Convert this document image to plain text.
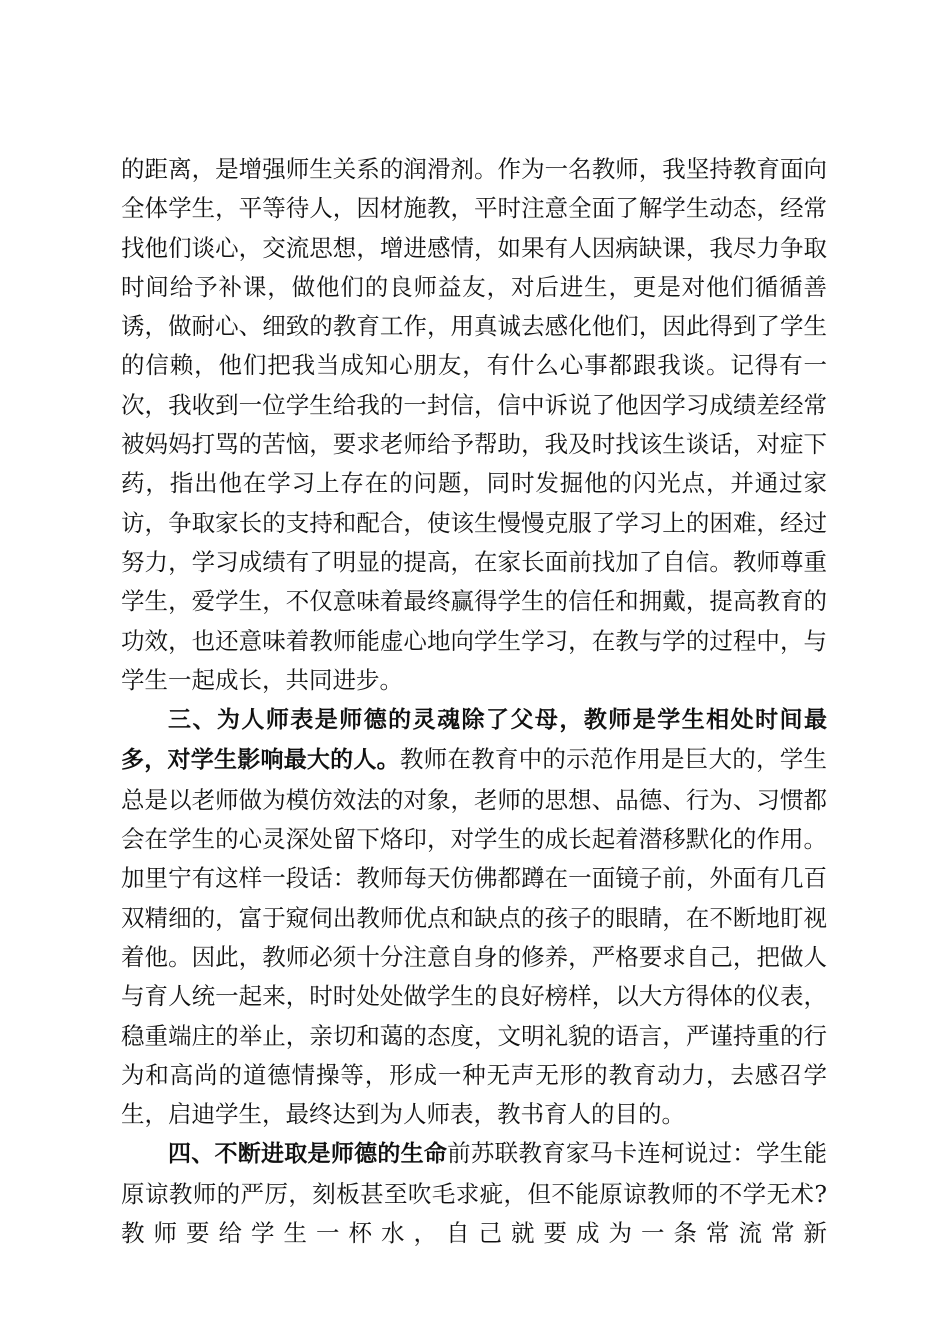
的距离，是增强师生关系的润滑剂。作为一名教师，我坚持教育面向全体学生，平等待人，因材施教，平时注意全面了解学生动态，经常找他们谈心，交流思想，增进感情，如果有人因病缺课，我尽力争取时间给予补课，做他们的良师益友，对后进生，更是对他们循循善诱，做耐心、细致的教育工作，用真诚去感化他们，因此得到了学生的信赖，他们把我当成知心朋友，有什么心事都跟我谈。记得有一次，我收到一位学生给我的一封信，信中诉说了他因学习成绩差经常被妈妈打骂的苦恼，要求老师给予帮助，我及时找该生谈话，对症下药，指出他在学习上存在的问题，同时发掘他的闪光点，并通过家访，争取家长的支持和配合，使该生慢慢克服了学习上的困难，经过努力，学习成绩有了明显的提高，在家长面前找加了自信。教师尊重学生，爱学生，不仅意味着最终赢得学生的信任和拥戴，提高教育的功效，也还意味着教师能虚心地向学生学习，在教与学的过程中，与学生一起成长，共同进步。

三、为人师表是师德的灵魂除了父母，教师是学生相处时间最多，对学生影响最大的人。教师在教育中的示范作用是巨大的，学生总是以老师做为模仿效法的对象，老师的思想、品德、行为、习惯都会在学生的心灵深处留下烙印，对学生的成长起着潜移默化的作用。加里宁有这样一段话：教师每天仿佛都蹲在一面镜子前，外面有几百双精细的，富于窥伺出教师优点和缺点的孩子的眼睛，在不断地盯视着他。因此，教师必须十分注意自身的修养，严格要求自己，把做人与育人统一起来，时时处处做学生的良好榜样，以大方得体的仪表，稳重端庄的举止，亲切和蔼的态度，文明礼貌的语言，严谨持重的行为和高尚的道德情操等，形成一种无声无形的教育动力，去感召学生，启迪学生，最终达到为人师表，教书育人的目的。

四、不断进取是师德的生命前苏联教育家马卡连柯说过：学生能原谅教师的严厉，刻板甚至吹毛求疵，但不能原谅教师的不学无术?教师要给学生一杯水，自己就要成为一条常流常新
